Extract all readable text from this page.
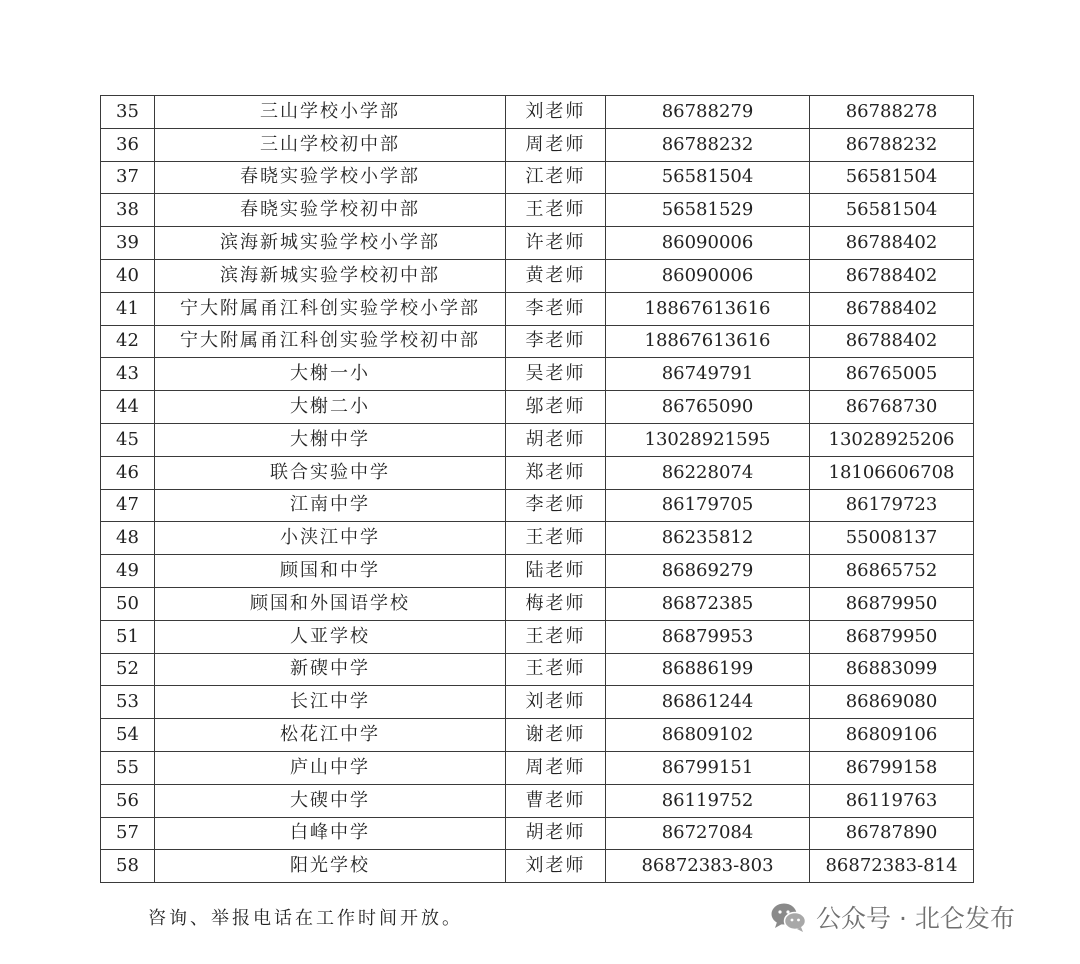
35	三山学校小学部	刘老师	86788279	86788278
36	三山学校初中部	周老师	86788232	86788232
37	春晓实验学校小学部	江老师	56581504	56581504
38	春晓实验学校初中部	王老师	56581529	56581504
39	滨海新城实验学校小学部	许老师	86090006	86788402
40	滨海新城实验学校初中部	黄老师	86090006	86788402
41	宁大附属甬江科创实验学校小学部	李老师	18867613616	86788402
42	宁大附属甬江科创实验学校初中部	李老师	18867613616	86788402
43	大榭一小	吴老师	86749791	86765005
44	大榭二小	邬老师	86765090	86768730
45	大榭中学	胡老师	13028921595	13028925206
46	联合实验中学	郑老师	86228074	18106606708
47	江南中学	李老师	86179705	86179723
48	小浃江中学	王老师	86235812	55008137
49	顾国和中学	陆老师	86869279	86865752
50	顾国和外国语学校	梅老师	86872385	86879950
51	人亚学校	王老师	86879953	86879950
52	新碶中学	王老师	86886199	86883099
53	长江中学	刘老师	86861244	86869080
54	松花江中学	谢老师	86809102	86809106
55	庐山中学	周老师	86799151	86799158
56	大碶中学	曹老师	86119752	86119763
57	白峰中学	胡老师	86727084	86787890
58	阳光学校	刘老师	86872383-803	86872383-814
咨询、举报电话在工作时间开放。	公众号 · 北仑发布
